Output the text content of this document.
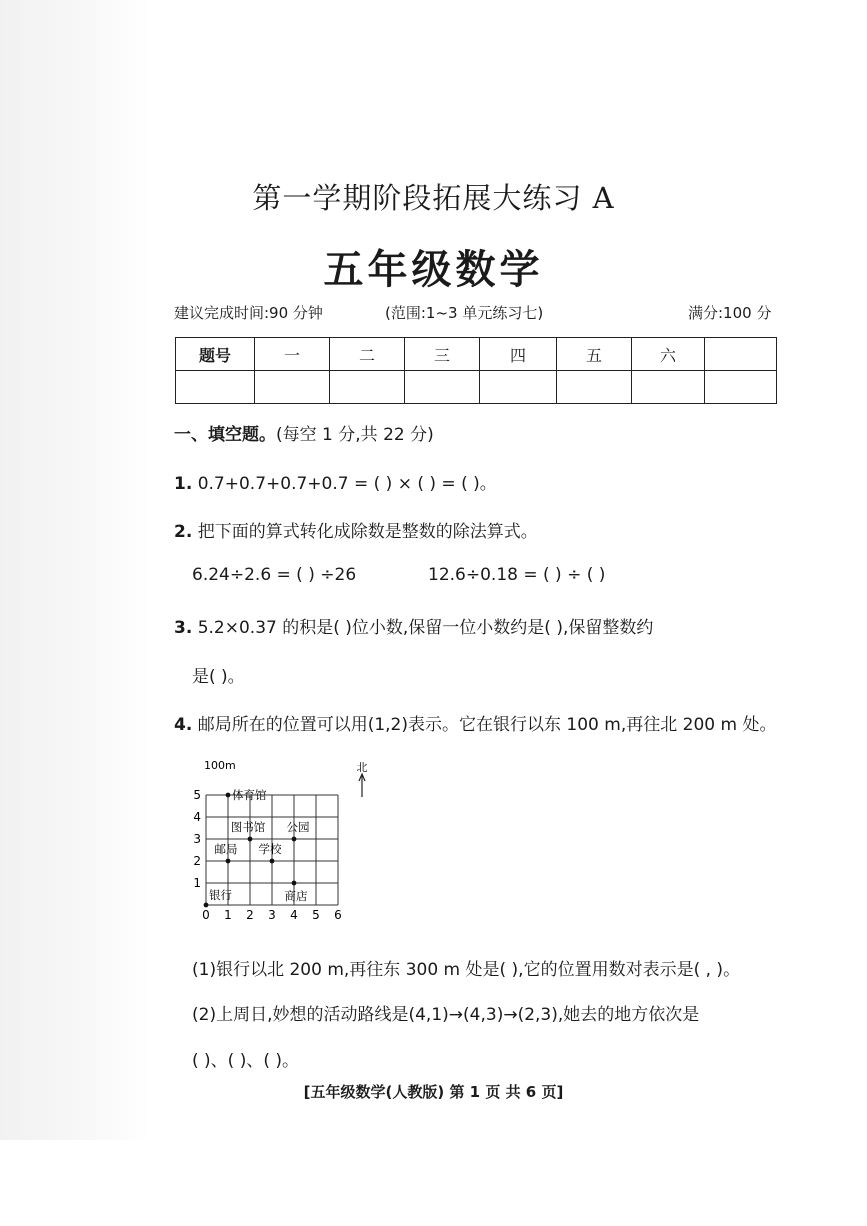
第一学期阶段拓展大练习 A
五年级数学
建议完成时间:90 分钟	(范围:1~3 单元练习七)	满分:100 分
题号	一	二	三	四	五	六	

一、填空题。(每空 1 分,共 22 分)
1. 0.7+0.7+0.7+0.7 = ( ) × ( ) = ( )。
2. 把下面的算式转化成除数是整数的除法算式。
6.24÷2.6 = ( ) ÷26	12.6÷0.18 = ( ) ÷ ( )
3. 5.2×0.37 的积是( )位小数,保留一位小数约是( ),保留整数约
是( )。
4. 邮局所在的位置可以用(1,2)表示。它在银行以东 100 m,再往北 200 m 处。
0 1 2 3 4 5 6
1
2
3
4
5
100m	北
体育馆
图书馆 公园
邮局 学校
银行	商店
(1)银行以北 200 m,再往东 300 m 处是( ),它的位置用数对表示是( , )。
(2)上周日,妙想的活动路线是(4,1)→(4,3)→(2,3),她去的地方依次是
( )、( )、( )。
[五年级数学(人教版) 第 1 页 共 6 页]
